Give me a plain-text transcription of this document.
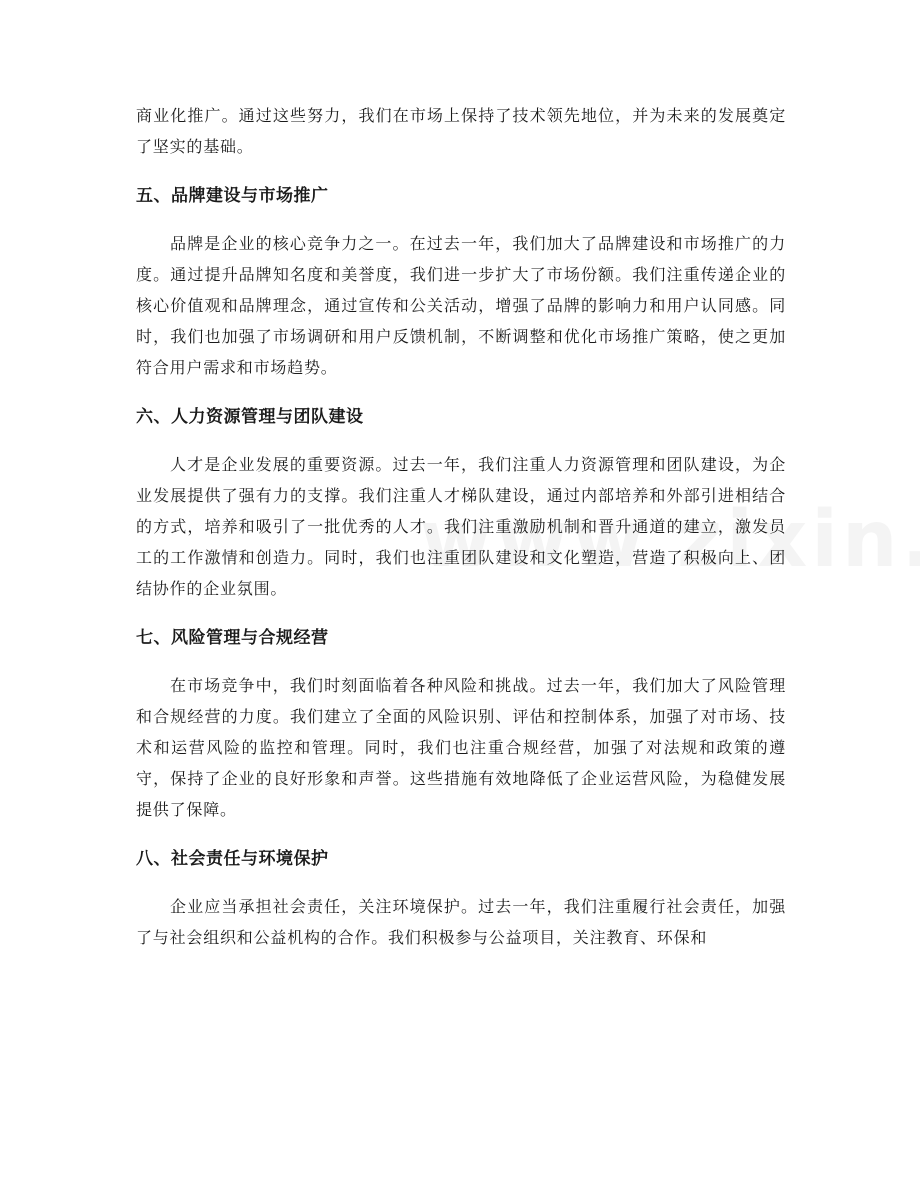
商业化推广。通过这些努力，我们在市场上保持了技术领先地位，并为未来的发展奠定了坚实的基础。

五、品牌建设与市场推广

品牌是企业的核心竞争力之一。在过去一年，我们加大了品牌建设和市场推广的力度。通过提升品牌知名度和美誉度，我们进一步扩大了市场份额。我们注重传递企业的核心价值观和品牌理念，通过宣传和公关活动，增强了品牌的影响力和用户认同感。同时，我们也加强了市场调研和用户反馈机制，不断调整和优化市场推广策略，使之更加符合用户需求和市场趋势。

六、人力资源管理与团队建设

人才是企业发展的重要资源。过去一年，我们注重人力资源管理和团队建设，为企业发展提供了强有力的支撑。我们注重人才梯队建设，通过内部培养和外部引进相结合的方式，培养和吸引了一批优秀的人才。我们注重激励机制和晋升通道的建立，激发员工的工作激情和创造力。同时，我们也注重团队建设和文化塑造，营造了积极向上、团结协作的企业氛围。

七、风险管理与合规经营

在市场竞争中，我们时刻面临着各种风险和挑战。过去一年，我们加大了风险管理和合规经营的力度。我们建立了全面的风险识别、评估和控制体系，加强了对市场、技术和运营风险的监控和管理。同时，我们也注重合规经营，加强了对法规和政策的遵守，保持了企业的良好形象和声誉。这些措施有效地降低了企业运营风险，为稳健发展提供了保障。

八、社会责任与环境保护

企业应当承担社会责任，关注环境保护。过去一年，我们注重履行社会责任，加强了与社会组织和公益机构的合作。我们积极参与公益项目，关注教育、环保和
